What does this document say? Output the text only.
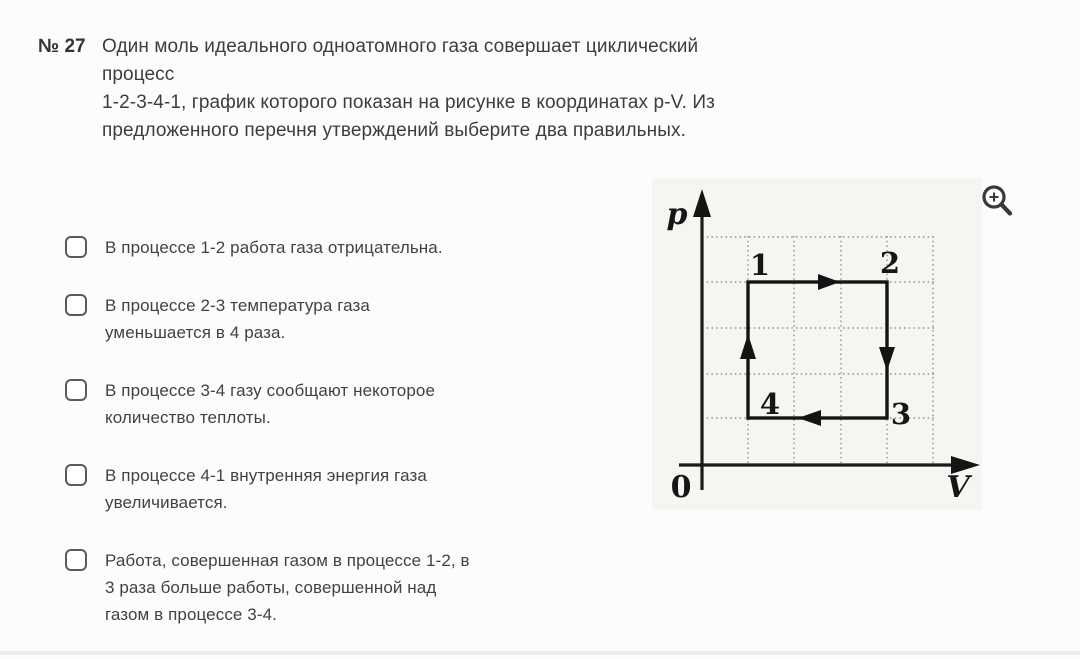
№ 27 Один моль идеального одноатомного газа совершает циклический
процесс
1-2-3-4-1, график которого показан на рисунке в координатах p-V. Из
предложенного перечня утверждений выберите два правильных.
В процессе 1-2 работа газа отрицательна.
В процессе 2-3 температура газа
уменьшается в 4 раза.
В процессе 3-4 газу сообщают некоторое
количество теплоты.
В процессе 4-1 внутренняя энергия газа
увеличивается.
Работа, совершенная газом в процессе 1-2, в
3 раза больше работы, совершенной над
газом в процессе 3-4.
p
V
0
1	2
3
4
